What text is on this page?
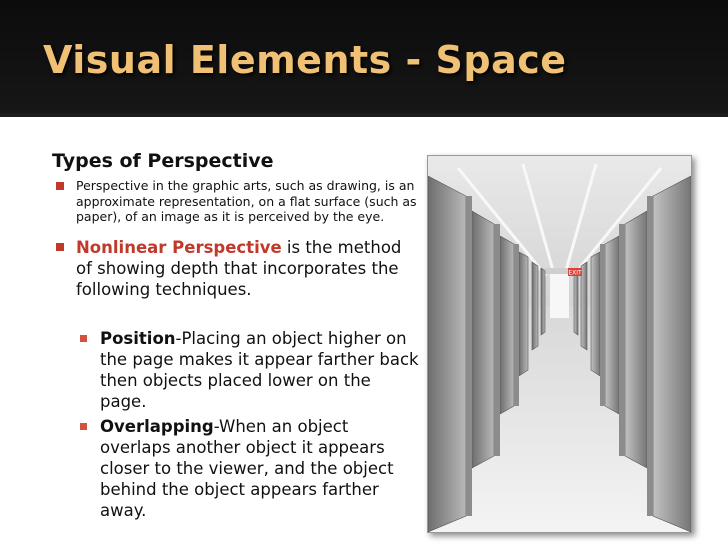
Visual Elements - Space
Types of Perspective
Perspective in the graphic arts, such as drawing, is an approximate representation, on a flat surface (such as paper), of an image as it is perceived by the eye.
Nonlinear Perspective is the method of showing depth that incorporates the following techniques.
Position-Placing an object higher on the page makes it appear farther back then objects placed lower on the page.
Overlapping-When an object overlaps another object it appears closer to the viewer, and the object behind the object appears farther away.
EXIT
